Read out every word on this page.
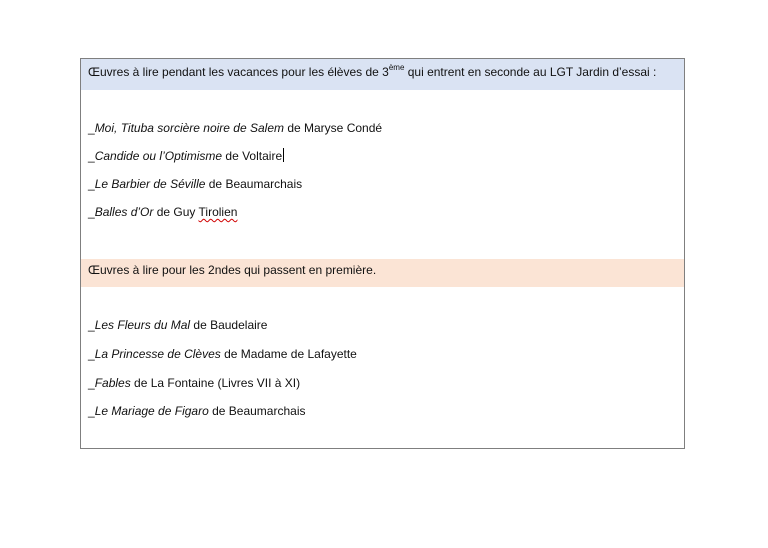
Œuvres à lire pendant les vacances pour les élèves de 3ème qui entrent en seconde au LGT Jardin d’essai :
_Moi, Tituba sorcière noire de Salem de Maryse Condé
_Candide ou l’Optimisme de Voltaire
_Le Barbier de Séville de Beaumarchais
_Balles d’Or de Guy Tirolien
Œuvres à lire pour les 2ndes qui passent en première.
_Les Fleurs du Mal de Baudelaire
_La Princesse de Clèves de Madame de Lafayette
_Fables de La Fontaine (Livres VII à XI)
_Le Mariage de Figaro de Beaumarchais
